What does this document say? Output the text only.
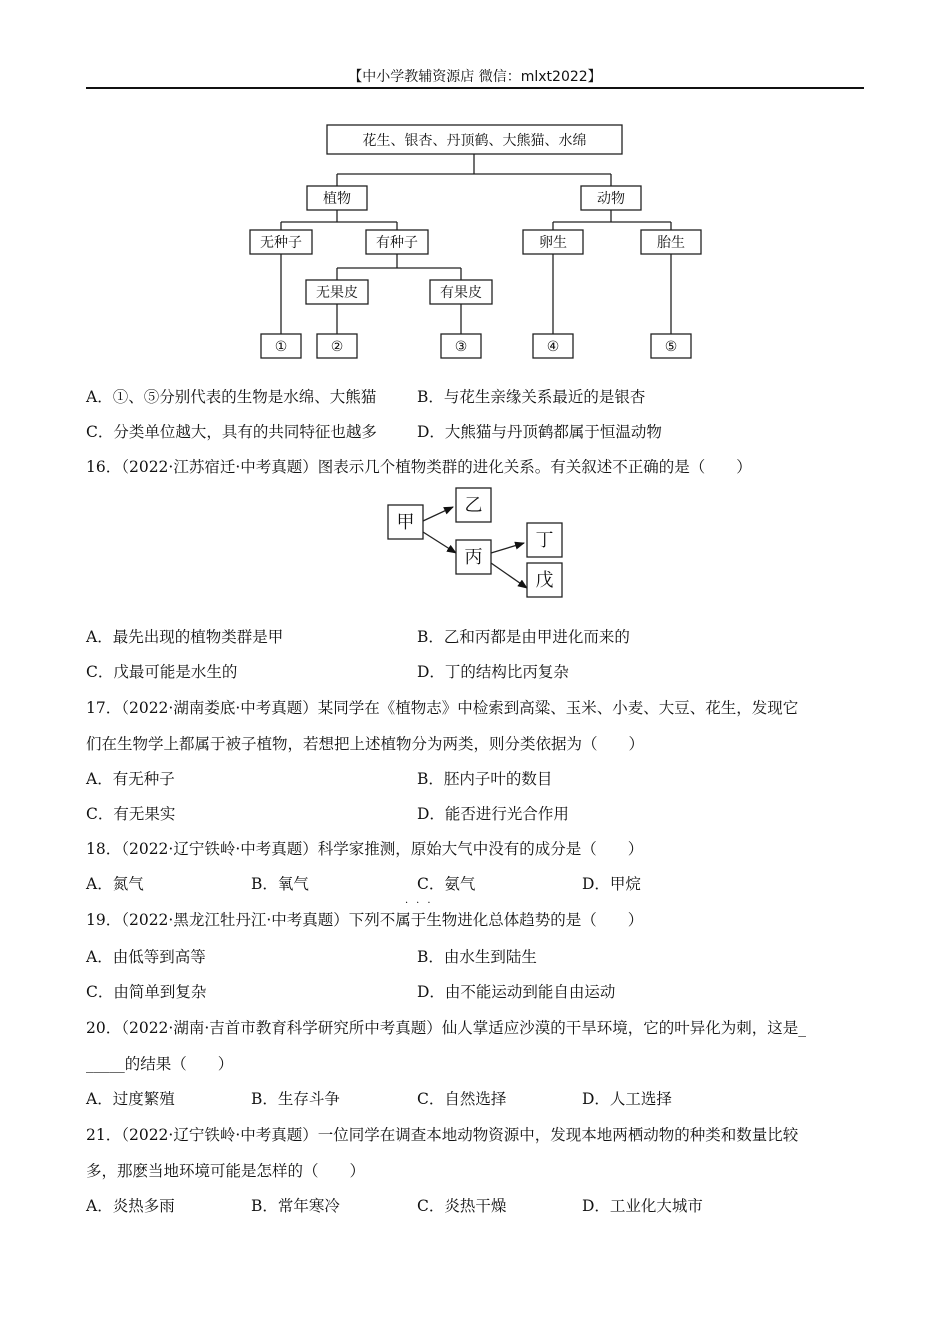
【中小学教辅资源店 微信：mlxt2022】
花生、银杏、丹顶鹤、大熊猫、水绵
植物	动物
无种子	有种子	卵生	胎生
无果皮	有果皮
①	②	③	④	⑤
A．①、⑤分别代表的生物是水绵、大熊猫	B．与花生亲缘关系最近的是银杏
C．分类单位越大，具有的共同特征也越多	D．大熊猫与丹顶鹤都属于恒温动物
16．（2022·江苏宿迁·中考真题）图表示几个植物类群的进化关系。有关叙述不正确的是（　　）
甲
乙
丙
丁
戊
A．最先出现的植物类群是甲	B．乙和丙都是由甲进化而来的
C．戊最可能是水生的	D．丁的结构比丙复杂
17．（2022·湖南娄底·中考真题）某同学在《植物志》中检索到高粱、玉米、小麦、大豆、花生，发现它
们在生物学上都属于被子植物，若想把上述植物分为两类，则分类依据为（　　）
A．有无种子	B．胚内子叶的数目
C．有无果实	D．能否进行光合作用
18．（2022·辽宁铁岭·中考真题）科学家推测，原始大气中没有的成分是（　　）
A．氮气	B．氧气	C．氨气	D．甲烷
···
19．（2022·黑龙江牡丹江·中考真题）下列不属于生物进化总体趋势的是（　　）
A．由低等到高等	B．由水生到陆生
C．由简单到复杂	D．由不能运动到能自由运动
20．（2022·湖南·吉首市教育科学研究所中考真题）仙人掌适应沙漠的干旱环境，它的叶异化为刺，这是_
_____的结果（　　）
A．过度繁殖	B．生存斗争	C．自然选择	D．人工选择
21．（2022·辽宁铁岭·中考真题）一位同学在调查本地动物资源中，发现本地两栖动物的种类和数量比较
多，那麽当地环境可能是怎样的（　　）
A．炎热多雨	B．常年寒冷	C．炎热干燥	D．工业化大城市
